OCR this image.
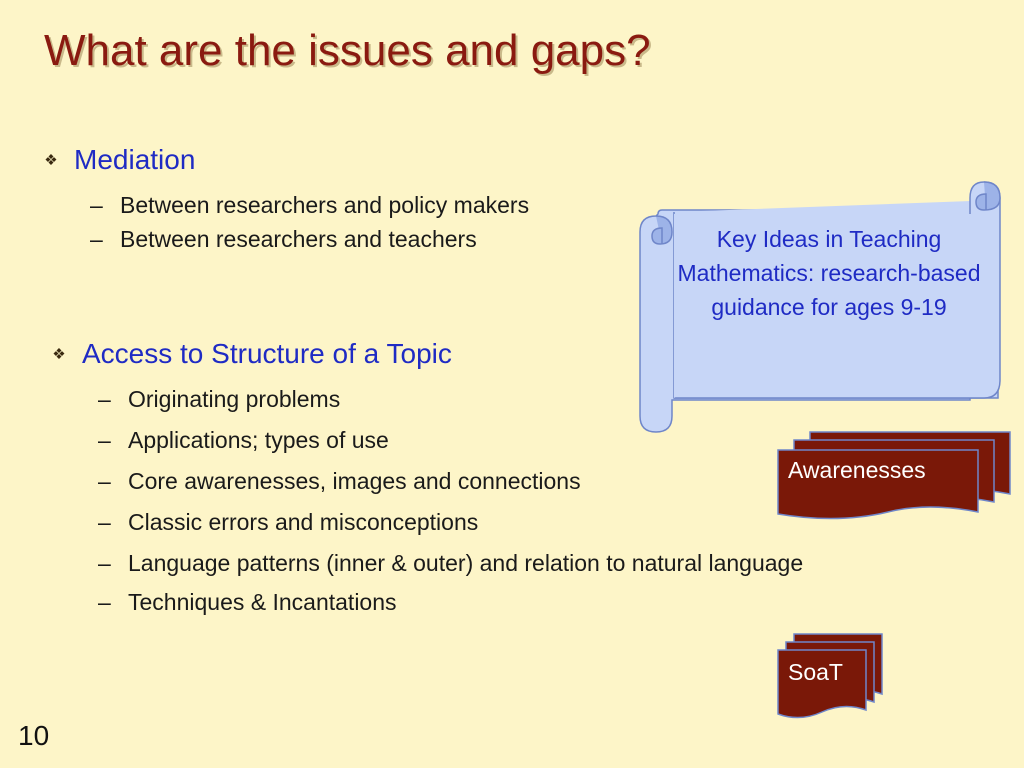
What are the issues and gaps?
❖ Mediation
– Between researchers and policy makers
– Between researchers and teachers
❖ Access to Structure of a Topic
– Originating problems
– Applications; types of use
– Core awarenesses, images and connections
– Classic errors and misconceptions
– Language patterns (inner & outer) and relation to natural language
– Techniques & Incantations
Key Ideas in Teaching Mathematics: research-based guidance for ages 9-19
Awarenesses
SoaT
10
